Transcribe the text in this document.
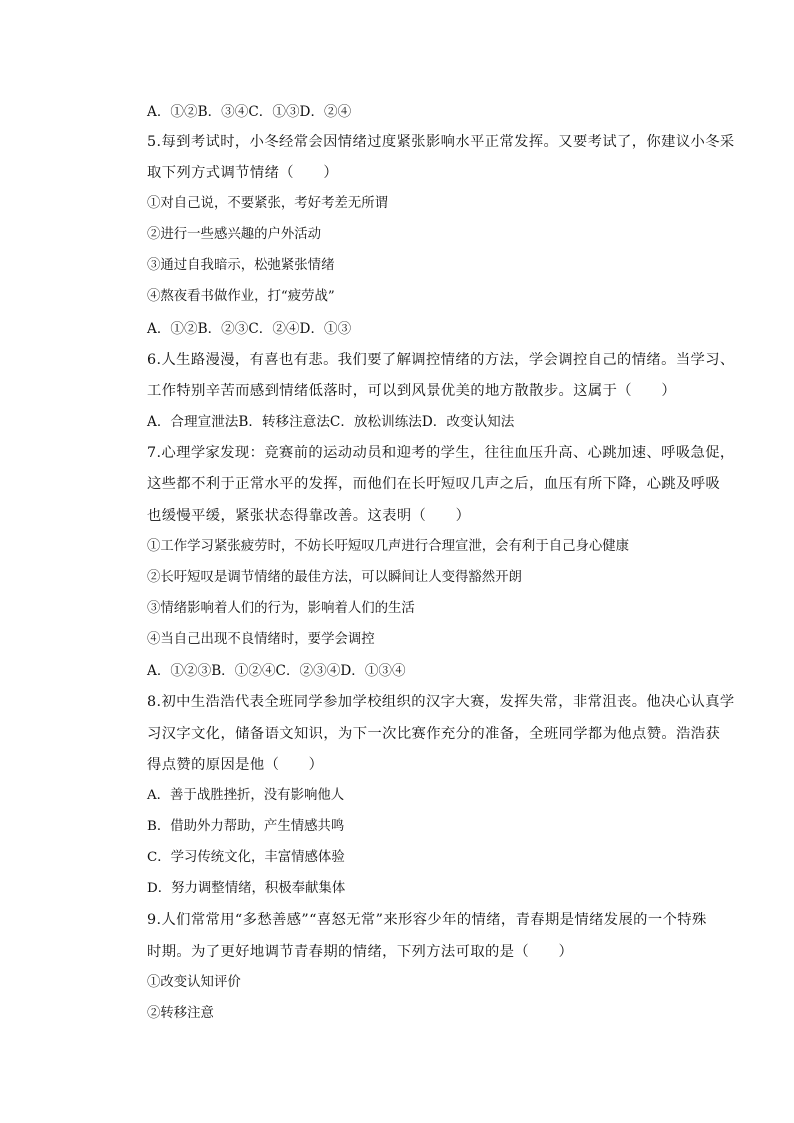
A．①②B．③④C．①③D．②④
5.每到考试时，小冬经常会因情绪过度紧张影响水平正常发挥。又要考试了，你建议小冬采
取下列方式调节情绪（　　）
①对自己说，不要紧张，考好考差无所谓
②进行一些感兴趣的户外活动
③通过自我暗示，松弛紧张情绪
④熬夜看书做作业，打“疲劳战”
A．①②B．②③C．②④D．①③
6.人生路漫漫，有喜也有悲。我们要了解调控情绪的方法，学会调控自己的情绪。当学习、
工作特别辛苦而感到情绪低落时，可以到风景优美的地方散散步。这属于（　　）
A．合理宣泄法B．转移注意法C．放松训练法D．改变认知法
7.心理学家发现：竞赛前的运动动员和迎考的学生，往往血压升高、心跳加速、呼吸急促，
这些都不利于正常水平的发挥，而他们在长吁短叹几声之后，血压有所下降，心跳及呼吸
也缓慢平缓，紧张状态得靠改善。这表明（　　）
①工作学习紧张疲劳时，不妨长吁短叹几声进行合理宣泄，会有利于自己身心健康
②长吁短叹是调节情绪的最佳方法，可以瞬间让人变得豁然开朗
③情绪影响着人们的行为，影响着人们的生活
④当自己出现不良情绪时，要学会调控
A．①②③B．①②④C．②③④D．①③④
8.初中生浩浩代表全班同学参加学校组织的汉字大赛，发挥失常，非常沮丧。他决心认真学
习汉字文化，储备语文知识，为下一次比赛作充分的准备，全班同学都为他点赞。浩浩获
得点赞的原因是他（　　）
A．善于战胜挫折，没有影响他人
B．借助外力帮助，产生情感共鸣
C．学习传统文化，丰富情感体验
D．努力调整情绪，积极奉献集体
9.人们常常用“多愁善感”“喜怒无常”来形容少年的情绪，青春期是情绪发展的一个特殊
时期。为了更好地调节青春期的情绪，下列方法可取的是（　　）
①改变认知评价
②转移注意
